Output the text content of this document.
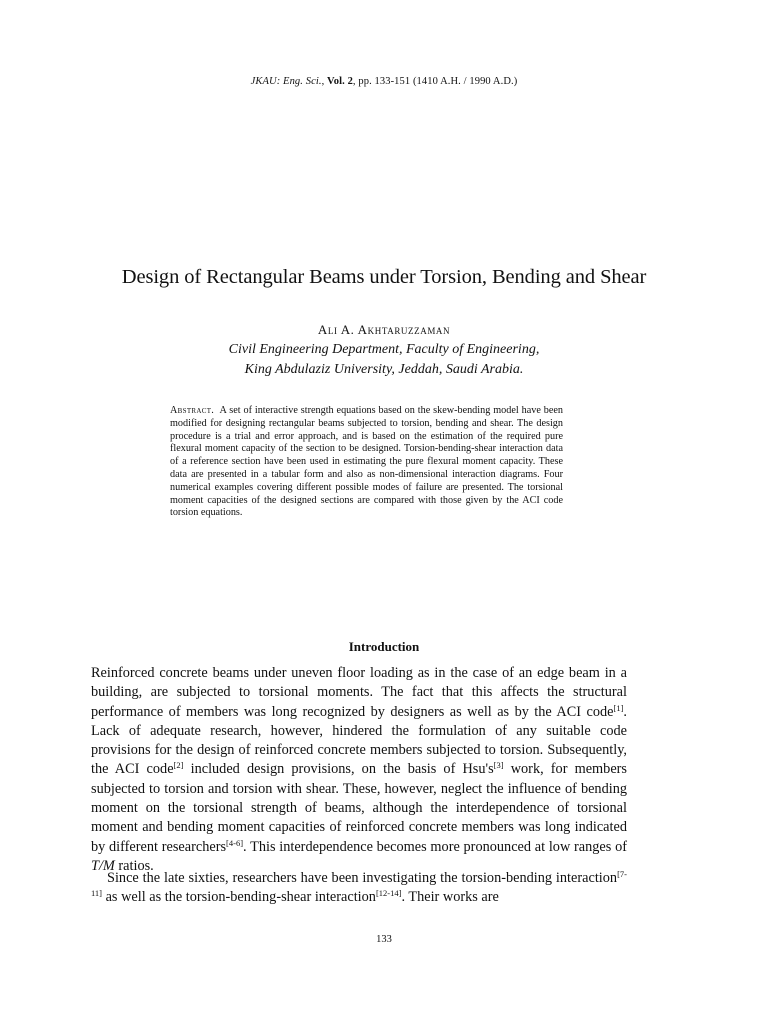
JKAU: Eng. Sci., Vol. 2, pp. 133-151 (1410 A.H. / 1990 A.D.)
Design of Rectangular Beams under Torsion, Bending and Shear
Ali A. Akhtaruzzaman
Civil Engineering Department, Faculty of Engineering,
King Abdulaziz University, Jeddah, Saudi Arabia.
Abstract. A set of interactive strength equations based on the skew-bending model have been modified for designing rectangular beams subjected to torsion, bending and shear. The design procedure is a trial and error approach, and is based on the estimation of the required pure flexural moment capacity of the section to be designed. Torsion-bending-shear interaction data of a reference section have been used in estimating the pure flexural moment capacity. These data are presented in a tabular form and also as non-dimensional interaction diagrams. Four numerical examples covering different possible modes of failure are presented. The torsional moment capacities of the designed sections are compared with those given by the ACI code torsion equations.
Introduction

Reinforced concrete beams under uneven floor loading as in the case of an edge beam in a building, are subjected to torsional moments. The fact that this affects the structural performance of members was long recognized by designers as well as by the ACI code[1]. Lack of adequate research, however, hindered the formulation of any suitable code provisions for the design of reinforced concrete members subjected to torsion. Subsequently, the ACI code[2] included design provisions, on the basis of Hsu's[3] work, for members subjected to torsion and torsion with shear. These, however, neglect the influence of bending moment on the torsional strength of beams, although the interdependence of torsional moment and bending moment capacities of reinforced concrete members was long indicated by different researchers[4-6]. This interdependence becomes more pronounced at low ranges of T/M ratios.

Since the late sixties, researchers have been investigating the torsion-bending interaction[7-11] as well as the torsion-bending-shear interaction[12-14]. Their works are

133
